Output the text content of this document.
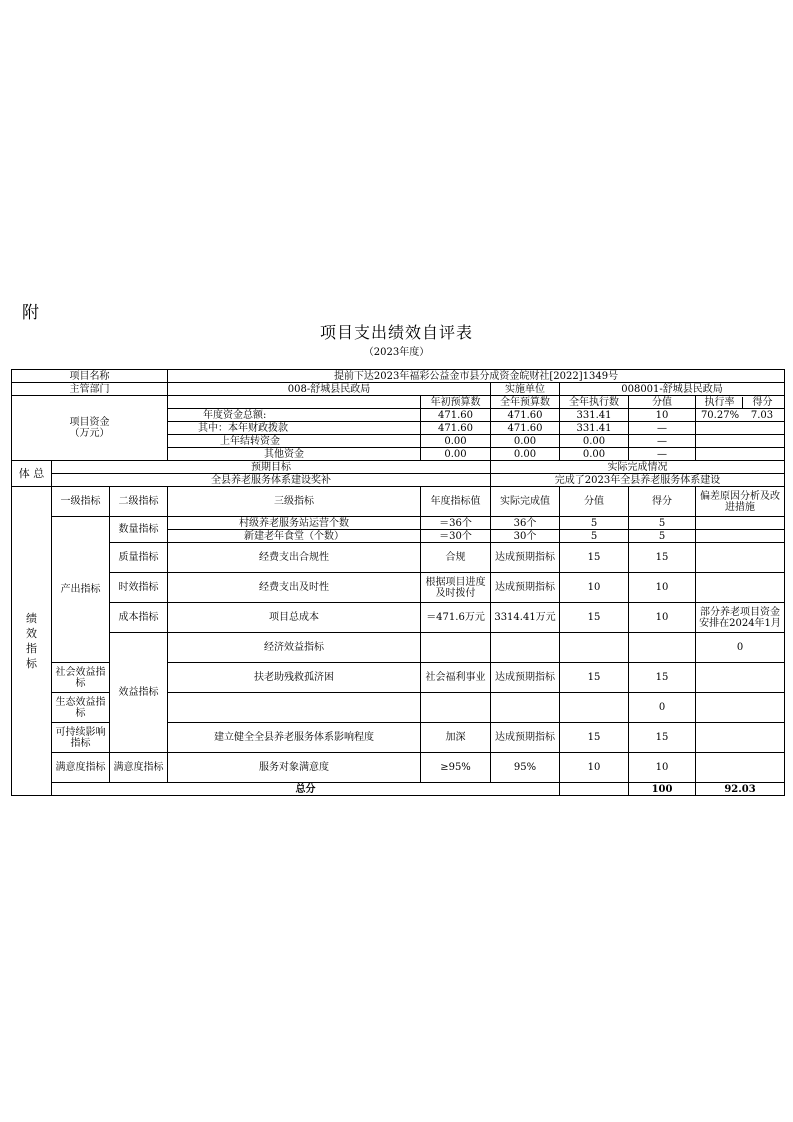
附
项目支出绩效自评表
（2023年度）
项目名称			提前下达2023年福彩公益金市县分成资金皖财社[2022]1349号						
主管部门			008-舒城县民政局		实施单位	008001-舒城县民政局			

项目资金
（万元）				年初预算数	全年预算数	全年执行数	分值	执行率 得分	
			年度资金总额:	471.60	471.60	331.41	10	70.27% 7.03	
			其中：本年财政拨款	471.60	471.60	331.41	—		
			上年结转资金	0.00	0.00	0.00	—		
			其他资金	0.00	0.00	0.00	—		
体 总	预期目标				实际完成情况				
	全县养老服务体系建设奖补				完成了2023年全县养老服务体系建设				

绩
效
指
标	一级指标	二级指标	三级指标	年度指标值	实际完成值	分值	得分	偏差原因分析及改进措施	
	产出指标	数量指标	村级养老服务站运营个数	＝36个	36个	5	5		
			新建老年食堂（个数）	＝30个	30个	5	5		
		质量指标	经费支出合规性	合规	达成预期指标	15	15		
		时效指标	经费支出及时性	根据项目进度及时拨付	达成预期指标	10	10		
		成本指标	项目总成本	＝471.6万元	3314.41万元	15	10	部分养老项目资金安排在2024年1月	
		效益指标	经济效益指标					0	
	社会效益指标		扶老助残救孤济困	社会福利事业	达成预期指标	15	15		
	生态效益指标						0		
	可持续影响指标		建立健全全县养老服务体系影响程度	加深	达成预期指标	15	15		
	满意度指标	满意度指标	服务对象满意度	≥95%	95%	10	10		
	总分						100	92.03	
